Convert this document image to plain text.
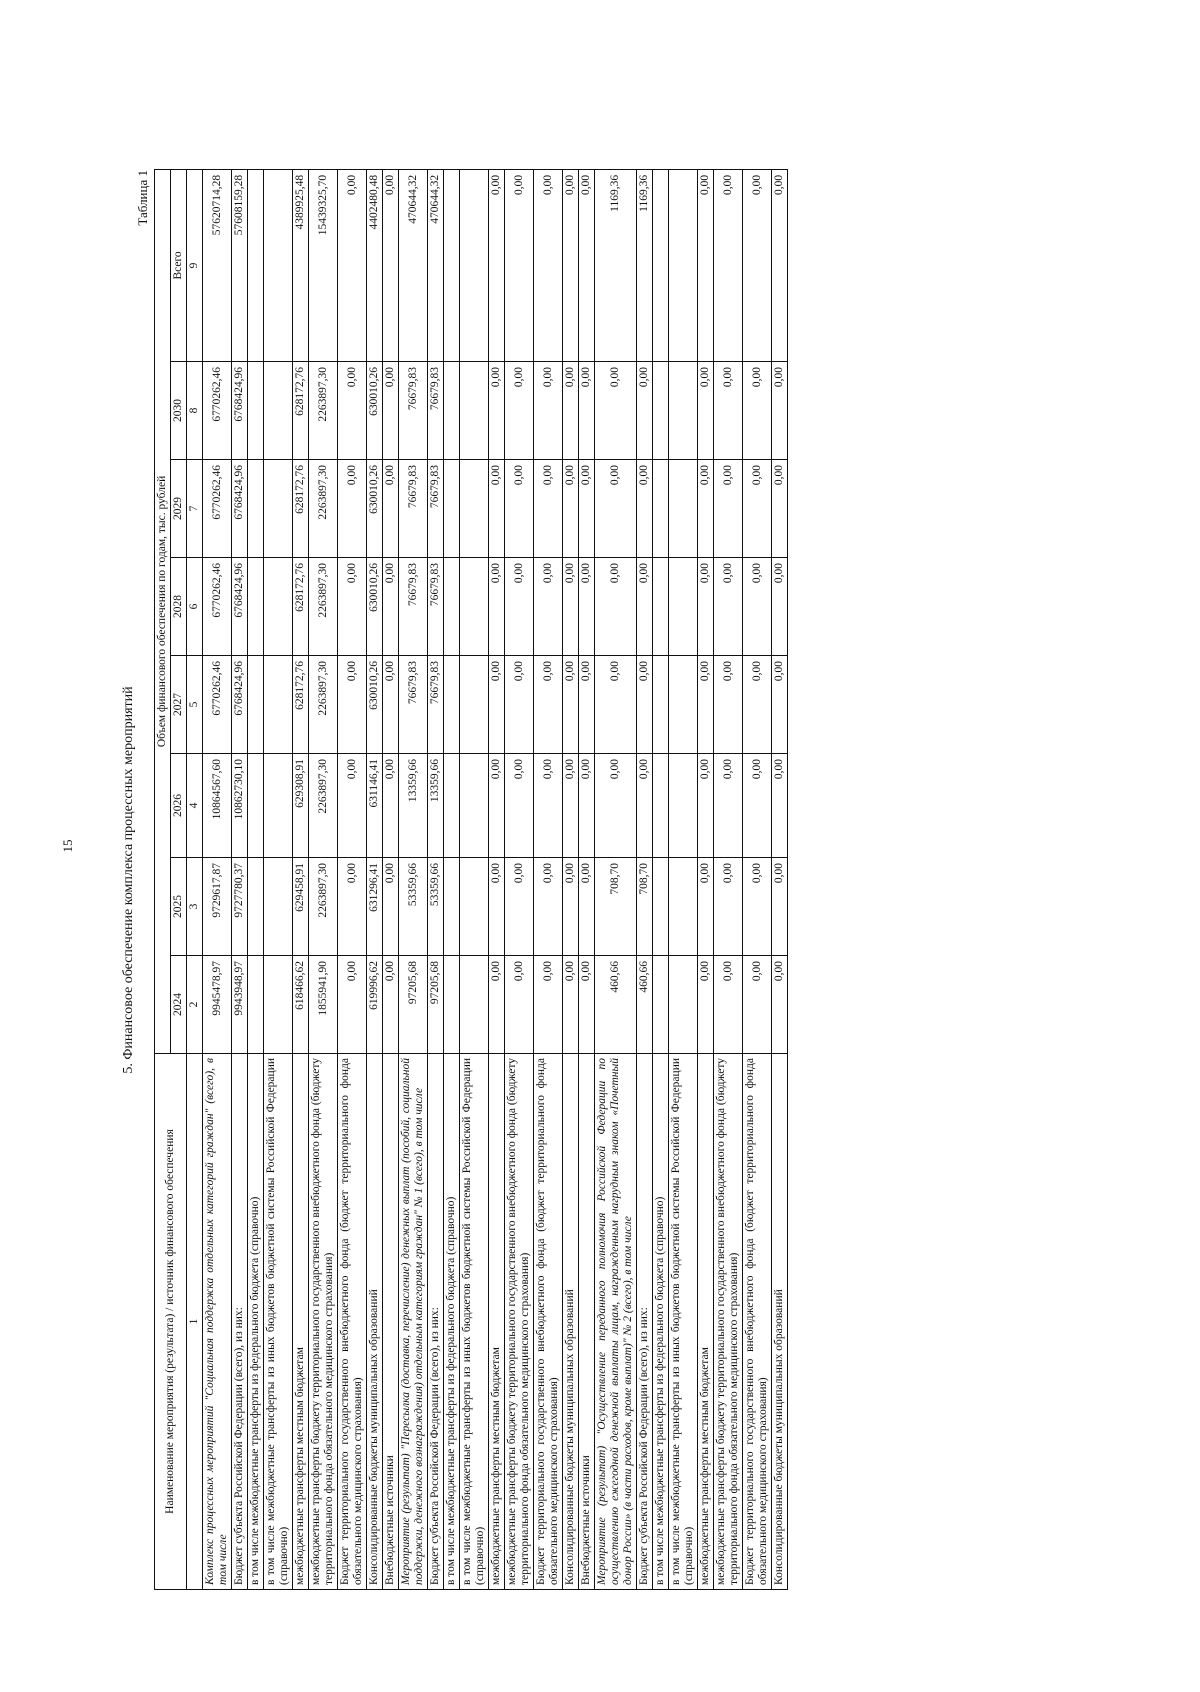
15	5. Финансовое обеспечение комплекса процессных мероприятий
Таблица 1
Наименование мероприятия (результата) / источник финансового обеспечения	Объем финансового обеспечения по годам, тыс. рублей							
	2024	2025	2026	2027	2028	2029	2030	Всего
1	2	3	4	5	6	7	8	9
Комплекс процессных мероприятий "Социальная поддержка отдельных категорий граждан" (всего), в том числе	9945478,97	9729617,87	10864567,60	6770262,46	6770262,46	6770262,46	6770262,46	57620714,28
Бюджет субъекта Российской Федерации (всего), из них:	9943948,97	9727780,37	10862730,10	6768424,96	6768424,96	6768424,96	6768424,96	57608159,28
в том числе межбюджетные трансферты из федерального бюджета (справочно)								
в том числе межбюджетные трансферты из иных бюджетов бюджетной системы Российской Федерации (справочно)								
межбюджетные трансферты местным бюджетам	618466,62	629458,91	629308,91	628172,76	628172,76	628172,76	628172,76	4389925,48
межбюджетные трансферты бюджету территориального государственного внебюджетного фонда (бюджету территориального фонда обязательного медицинского страхования)	1855941,90	2263897,30	2263897,30	2263897,30	2263897,30	2263897,30	2263897,30	15439325,70
Бюджет территориального государственного внебюджетного фонда (бюджет территориального фонда обязательного медицинского страхования)	0,00	0,00	0,00	0,00	0,00	0,00	0,00	0,00
Консолидированные бюджеты муниципальных образований	619996,62	631296,41	631146,41	630010,26	630010,26	630010,26	630010,26	4402480,48
Внебюджетные источники	0,00	0,00	0,00	0,00	0,00	0,00	0,00	0,00
Мероприятие (результат) "Пересылка (доставка, перечисление) денежных выплат (пособий, социальной поддержки, денежного вознаграждения) отдельным категориям граждан" № 1 (всего), в том числе	97205,68	53359,66	13359,66	76679,83	76679,83	76679,83	76679,83	470644,32
Бюджет субъекта Российской Федерации (всего), из них:	97205,68	53359,66	13359,66	76679,83	76679,83	76679,83	76679,83	470644,32
в том числе межбюджетные трансферты из федерального бюджета (справочно)								
в том числе межбюджетные трансферты из иных бюджетов бюджетной системы Российской Федерации (справочно)								
межбюджетные трансферты местным бюджетам	0,00	0,00	0,00	0,00	0,00	0,00	0,00	0,00
межбюджетные трансферты бюджету территориального государственного внебюджетного фонда (бюджету территориального фонда обязательного медицинского страхования)	0,00	0,00	0,00	0,00	0,00	0,00	0,00	0,00
Бюджет территориального государственного внебюджетного фонда (бюджет территориального фонда обязательного медицинского страхования)	0,00	0,00	0,00	0,00	0,00	0,00	0,00	0,00
Консолидированные бюджеты муниципальных образований	0,00	0,00	0,00	0,00	0,00	0,00	0,00	0,00
Внебюджетные источники	0,00	0,00	0,00	0,00	0,00	0,00	0,00	0,00
Мероприятие (результат) "Осуществление переданного полномочия Российской Федерации по осуществлению ежегодной денежной выплаты лицам, награжденным нагрудным знаком «Почетный донор России» (в части расходов, кроме выплат)" № 2 (всего), в том числе	460,66	708,70	0,00	0,00	0,00	0,00	0,00	1169,36
Бюджет субъекта Российской Федерации (всего), из них:	460,66	708,70	0,00	0,00	0,00	0,00	0,00	1169,36
в том числе межбюджетные трансферты из федерального бюджета (справочно)								
в том числе межбюджетные трансферты из иных бюджетов бюджетной системы Российской Федерации (справочно)								
межбюджетные трансферты местным бюджетам	0,00	0,00	0,00	0,00	0,00	0,00	0,00	0,00
межбюджетные трансферты бюджету территориального государственного внебюджетного фонда (бюджету территориального фонда обязательного медицинского страхования)	0,00	0,00	0,00	0,00	0,00	0,00	0,00	0,00
Бюджет территориального государственного внебюджетного фонда (бюджет территориального фонда обязательного медицинского страхования)	0,00	0,00	0,00	0,00	0,00	0,00	0,00	0,00
Консолидированные бюджеты муниципальных образований	0,00	0,00	0,00	0,00	0,00	0,00	0,00	0,00
